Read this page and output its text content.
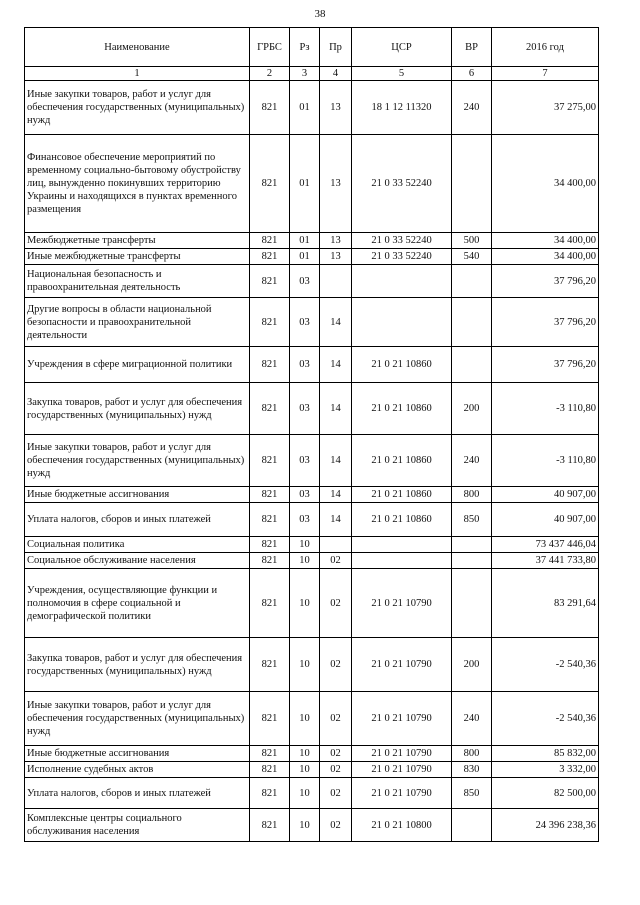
38
Наименование	ГРБС	Рз	Пр	ЦСР	ВР	2016 год
1	2	3	4	5	6	7
Иные закупки товаров, работ и услуг для обеспечения государственных (муниципальных) нужд	821	01	13	18 1 12 11320	240	37 275,00
Финансовое обеспечение мероприятий по временному социально-бытовому обустройству лиц, вынужденно покинувших территорию Украины и находящихся в пунктах временного размещения	821	01	13	21 0 33 52240		34 400,00
Межбюджетные трансферты	821	01	13	21 0 33 52240	500	34 400,00
Иные межбюджетные трансферты	821	01	13	21 0 33 52240	540	34 400,00
Национальная безопасность и правоохранительная деятельность	821	03				37 796,20
Другие вопросы в области национальной безопасности и правоохранительной деятельности	821	03	14			37 796,20
Учреждения в сфере миграционной политики	821	03	14	21 0 21 10860		37 796,20
Закупка товаров, работ и услуг для обеспечения государственных (муниципальных) нужд	821	03	14	21 0 21 10860	200	-3 110,80
Иные закупки товаров, работ и услуг для обеспечения государственных (муниципальных) нужд	821	03	14	21 0 21 10860	240	-3 110,80
Иные бюджетные ассигнования	821	03	14	21 0 21 10860	800	40 907,00
Уплата налогов, сборов и иных платежей	821	03	14	21 0 21 10860	850	40 907,00
Социальная политика	821	10				73 437 446,04
Социальное обслуживание населения	821	10	02			37 441 733,80
Учреждения, осуществляющие функции и полномочия в сфере социальной и демографической политики	821	10	02	21 0 21 10790		83 291,64
Закупка товаров, работ и услуг для обеспечения государственных (муниципальных) нужд	821	10	02	21 0 21 10790	200	-2 540,36
Иные закупки товаров, работ и услуг для обеспечения государственных (муниципальных) нужд	821	10	02	21 0 21 10790	240	-2 540,36
Иные бюджетные ассигнования	821	10	02	21 0 21 10790	800	85 832,00
Исполнение судебных актов	821	10	02	21 0 21 10790	830	3 332,00
Уплата налогов, сборов и иных платежей	821	10	02	21 0 21 10790	850	82 500,00
Комплексные центры социального обслуживания населения	821	10	02	21 0 21 10800		24 396 238,36
